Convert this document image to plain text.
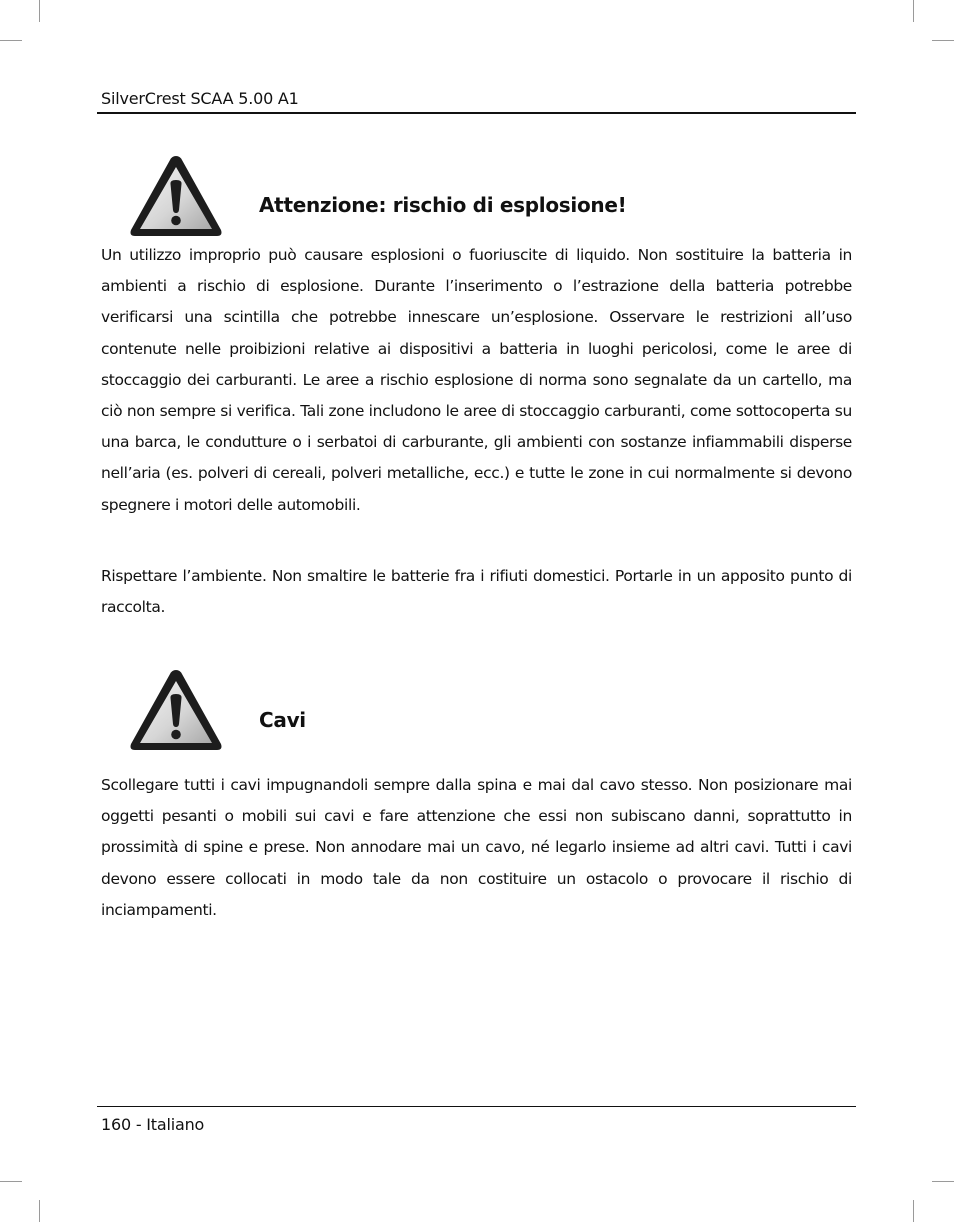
SilverCrest SCAA 5.00 A1
Attenzione: rischio di esplosione!

Un utilizzo improprio può causare esplosioni o fuoriuscite di liquido. Non sostituire la batteria in ambienti a rischio di esplosione. Durante l’inserimento o l’estrazione della batteria potrebbe verificarsi una scintilla che potrebbe innescare un’esplosione. Osservare le restrizioni all’uso contenute nelle proibizioni relative ai dispositivi a batteria in luoghi pericolosi, come le aree di stoccaggio dei carburanti. Le aree a rischio esplosione di norma sono segnalate da un cartello, ma ciò non sempre si verifica. Tali zone includono le aree di stoccaggio carburanti, come sottocoperta su una barca, le condutture o i serbatoi di carburante, gli ambienti con sostanze infiammabili disperse nell’aria (es. polveri di cereali, polveri metalliche, ecc.) e tutte le zone in cui normalmente si devono spegnere i motori delle automobili.

Rispettare l’ambiente. Non smaltire le batterie fra i rifiuti domestici. Portarle in un apposito punto di raccolta.

Cavi

Scollegare tutti i cavi impugnandoli sempre dalla spina e mai dal cavo stesso. Non posizionare mai oggetti pesanti o mobili sui cavi e fare attenzione che essi non subiscano danni, soprattutto in prossimità di spine e prese. Non annodare mai un cavo, né legarlo insieme ad altri cavi. Tutti i cavi devono essere collocati in modo tale da non costituire un ostacolo o provocare il rischio di inciampamenti.

160 - Italiano
